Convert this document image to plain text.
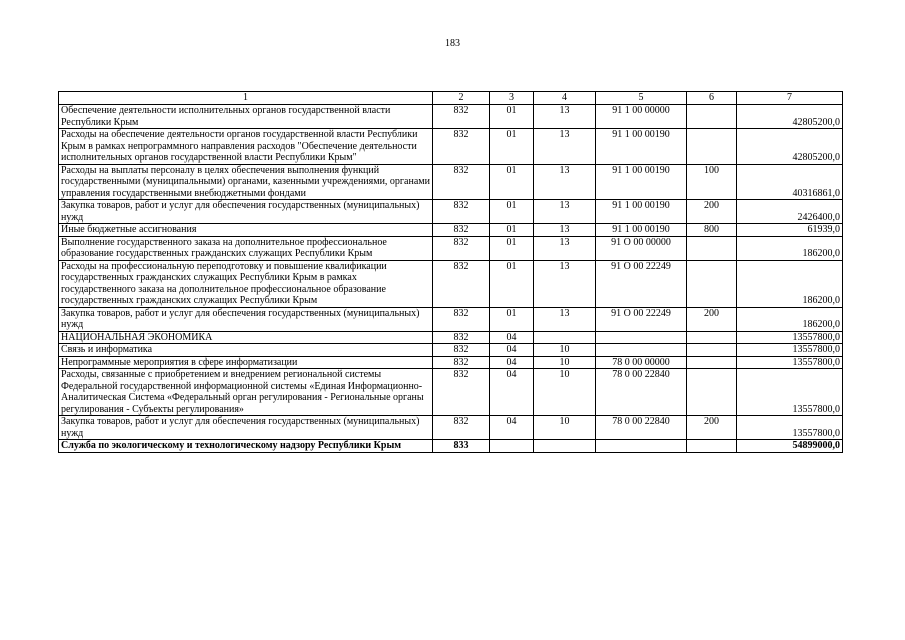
183
1	2	3	4	5	6	7
Обеспечение деятельности исполнительных органов государственной власти Республики Крым	832	01	13	91 1 00 00000		42805200,0
Расходы на обеспечение деятельности органов государственной власти Республики Крым в рамках непрограммного направления расходов "Обеспечение деятельности исполнительных органов государственной власти Республики Крым"	832	01	13	91 1 00 00190		42805200,0
Расходы на выплаты персоналу в целях обеспечения выполнения функций государственными (муниципальными) органами, казенными учреждениями, органами управления государственными внебюджетными фондами	832	01	13	91 1 00 00190	100	40316861,0
Закупка товаров, работ и услуг для обеспечения государственных (муниципальных) нужд	832	01	13	91 1 00 00190	200	2426400,0
Иные бюджетные ассигнования	832	01	13	91 1 00 00190	800	61939,0
Выполнение государственного заказа на дополнительное профессиональное образование государственных гражданских служащих Республики Крым	832	01	13	91 О 00 00000		186200,0
Расходы на профессиональную переподготовку и повышение квалификации государственных гражданских служащих Республики Крым в рамках государственного заказа на дополнительное профессиональное образование государственных гражданских служащих Республики Крым	832	01	13	91 О 00 22249		186200,0
Закупка товаров, работ и услуг для обеспечения государственных (муниципальных) нужд	832	01	13	91 О 00 22249	200	186200,0
НАЦИОНАЛЬНАЯ ЭКОНОМИКА	832	04				13557800,0
Связь и информатика	832	04	10			13557800,0
Непрограммные мероприятия в сфере информатизации	832	04	10	78 0 00 00000		13557800,0
Расходы, связанные с приобретением и внедрением региональной системы Федеральной государственной информационной системы «Единая Информационно-Аналитическая Система «Федеральный орган регулирования - Региональные органы регулирования - Субъекты регулирования»	832	04	10	78 0 00 22840		13557800,0
Закупка товаров, работ и услуг для обеспечения государственных (муниципальных) нужд	832	04	10	78 0 00 22840	200	13557800,0
Служба по экологическому и технологическому надзору Республики Крым	833					54899000,0
